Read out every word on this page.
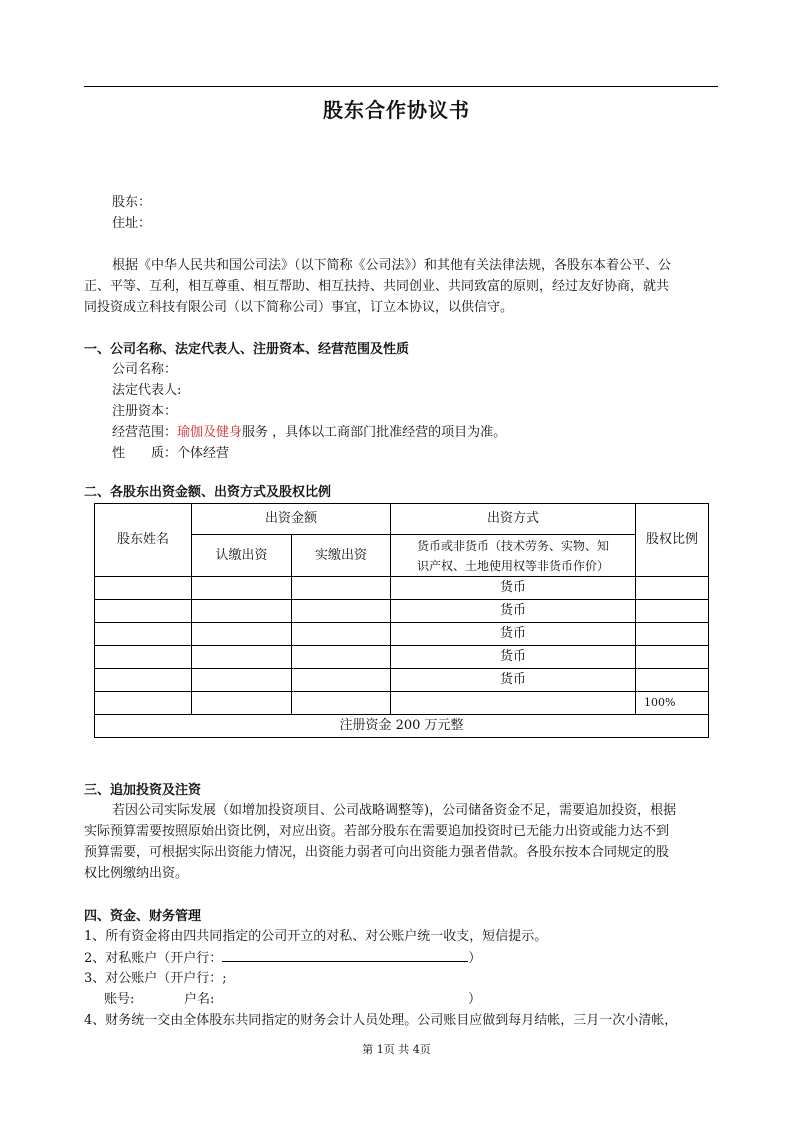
股东合作协议书
股东：
住址：
根据《中华人民共和国公司法》（以下简称《公司法》）和其他有关法律法规，各股东本着公平、公
正、平等、互利，相互尊重、相互帮助、相互扶持、共同创业、共同致富的原则，经过友好协商，就共
同投资成立科技有限公司（以下简称公司）事宜，订立本协议，以供信守。
一、公司名称、法定代表人、注册资本、经营范围及性质
公司名称：
法定代表人:
注册资本：
经营范围：瑜伽及健身服务 ，具体以工商部门批准经营的项目为准。
性　　质：个体经营
二、各股东出资金额、出资方式及股权比例
股东姓名	出资金额		出资方式	股权比例
	认缴出资	实缴出资	货币或非货币（技术劳务、实物、知
识产权、土地使用权等非货币作价）	

			货币	
			货币	
			货币	
			货币	
			货币	
				100%
注册资金 200 万元整				
三、追加投资及注资
若因公司实际发展（如增加投资项目、公司战略调整等)，公司储备资金不足，需要追加投资，根据
实际预算需要按照原始出资比例，对应出资。若部分股东在需要追加投资时已无能力出资或能力达不到
预算需要，可根据实际出资能力情况，出资能力弱者可向出资能力强者借款。各股东按本合同规定的股
权比例缴纳出资。
四、资金、财务管理
1、所有资金将由四共同指定的公司开立的对私、对公账户统一收支，短信提示。
2、对私账户（开户行：	）
3、对公账户（开户行：;
账号:	户名:	）
4、财务统一交由全体股东共同指定的财务会计人员处理。公司账目应做到每月结帐，三月一次小清帐，
第 1页 共 4页
